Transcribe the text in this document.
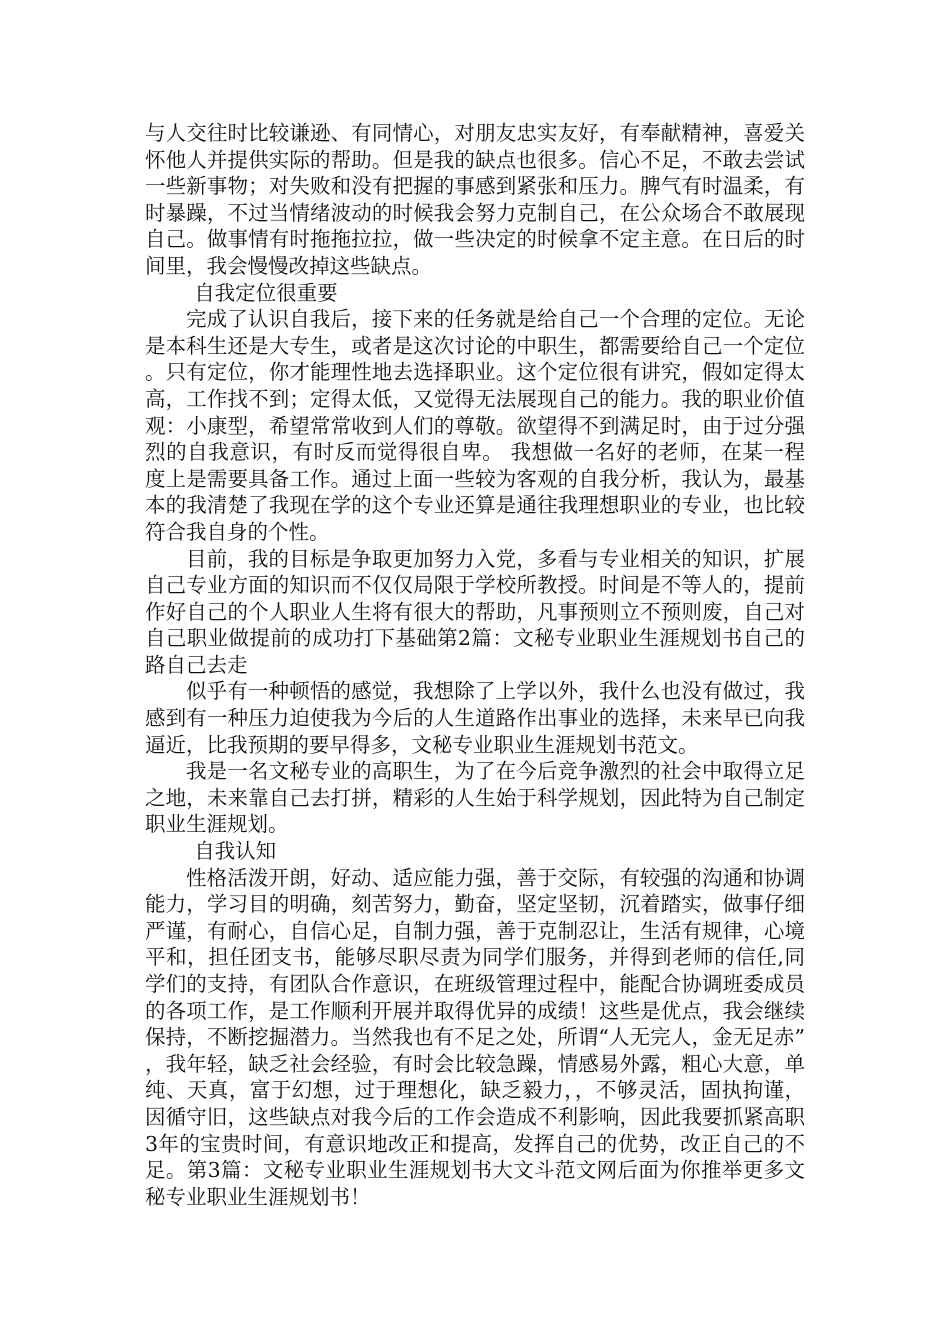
与人交往时比较谦逊、有同情心，对朋友忠实友好，有奉献精神，喜爱关怀他人并提供实际的帮助。但是我的缺点也很多。信心不足，不敢去尝试一些新事物；对失败和没有把握的事感到紧张和压力。脾气有时温柔，有时暴躁，不过当情绪波动的时候我会努力克制自己，在公众场合不敢展现自己。做事情有时拖拖拉拉，做一些决定的时候拿不定主意。在日后的时间里，我会慢慢改掉这些缺点。

自我定位很重要

完成了认识自我后，接下来的任务就是给自己一个合理的定位。无论是本科生还是大专生，或者是这次讨论的中职生，都需要给自己一个定位。只有定位，你才能理性地去选择职业。这个定位很有讲究，假如定得太高，工作找不到；定得太低，又觉得无法展现自己的能力。我的职业价值观：小康型，希望常常收到人们的尊敬。欲望得不到满足时，由于过分强烈的自我意识，有时反而觉得很自卑。 我想做一名好的老师，在某一程度上是需要具备工作。通过上面一些较为客观的自我分析，我认为，最基本的我清楚了我现在学的这个专业还算是通往我理想职业的专业，也比较符合我自身的个性。

目前，我的目标是争取更加努力入党，多看与专业相关的知识，扩展自己专业方面的知识而不仅仅局限于学校所教授。时间是不等人的，提前作好自己的个人职业人生将有很大的帮助，凡事预则立不预则废，自己对自己职业做提前的成功打下基础第2篇：文秘专业职业生涯规划书自己的路自己去走

似乎有一种顿悟的感觉，我想除了上学以外，我什么也没有做过，我感到有一种压力迫使我为今后的人生道路作出事业的选择，未来早已向我逼近，比我预期的要早得多，文秘专业职业生涯规划书范文。

我是一名文秘专业的高职生，为了在今后竞争激烈的社会中取得立足之地，未来靠自己去打拼，精彩的人生始于科学规划，因此特为自己制定职业生涯规划。

自我认知

性格活泼开朗，好动、适应能力强，善于交际，有较强的沟通和协调能力，学习目的明确，刻苦努力，勤奋，坚定坚韧，沉着踏实，做事仔细严谨，有耐心，自信心足，自制力强，善于克制忍让，生活有规律，心境平和，担任团支书，能够尽职尽责为同学们服务，并得到老师的信任,同学们的支持，有团队合作意识，在班级管理过程中，能配合协调班委成员的各项工作，是工作顺利开展并取得优异的成绩！这些是优点，我会继续保持，不断挖掘潜力。当然我也有不足之处，所谓“人无完人，金无足赤”，我年轻，缺乏社会经验，有时会比较急躁，情感易外露，粗心大意，单纯、天真，富于幻想，过于理想化，缺乏毅力，，不够灵活，固执拘谨，因循守旧，这些缺点对我今后的工作会造成不利影响，因此我要抓紧高职3年的宝贵时间，有意识地改正和提高，发挥自己的优势，改正自己的不足。第3篇：文秘专业职业生涯规划书大文斗范文网后面为你推举更多文秘专业职业生涯规划书！
